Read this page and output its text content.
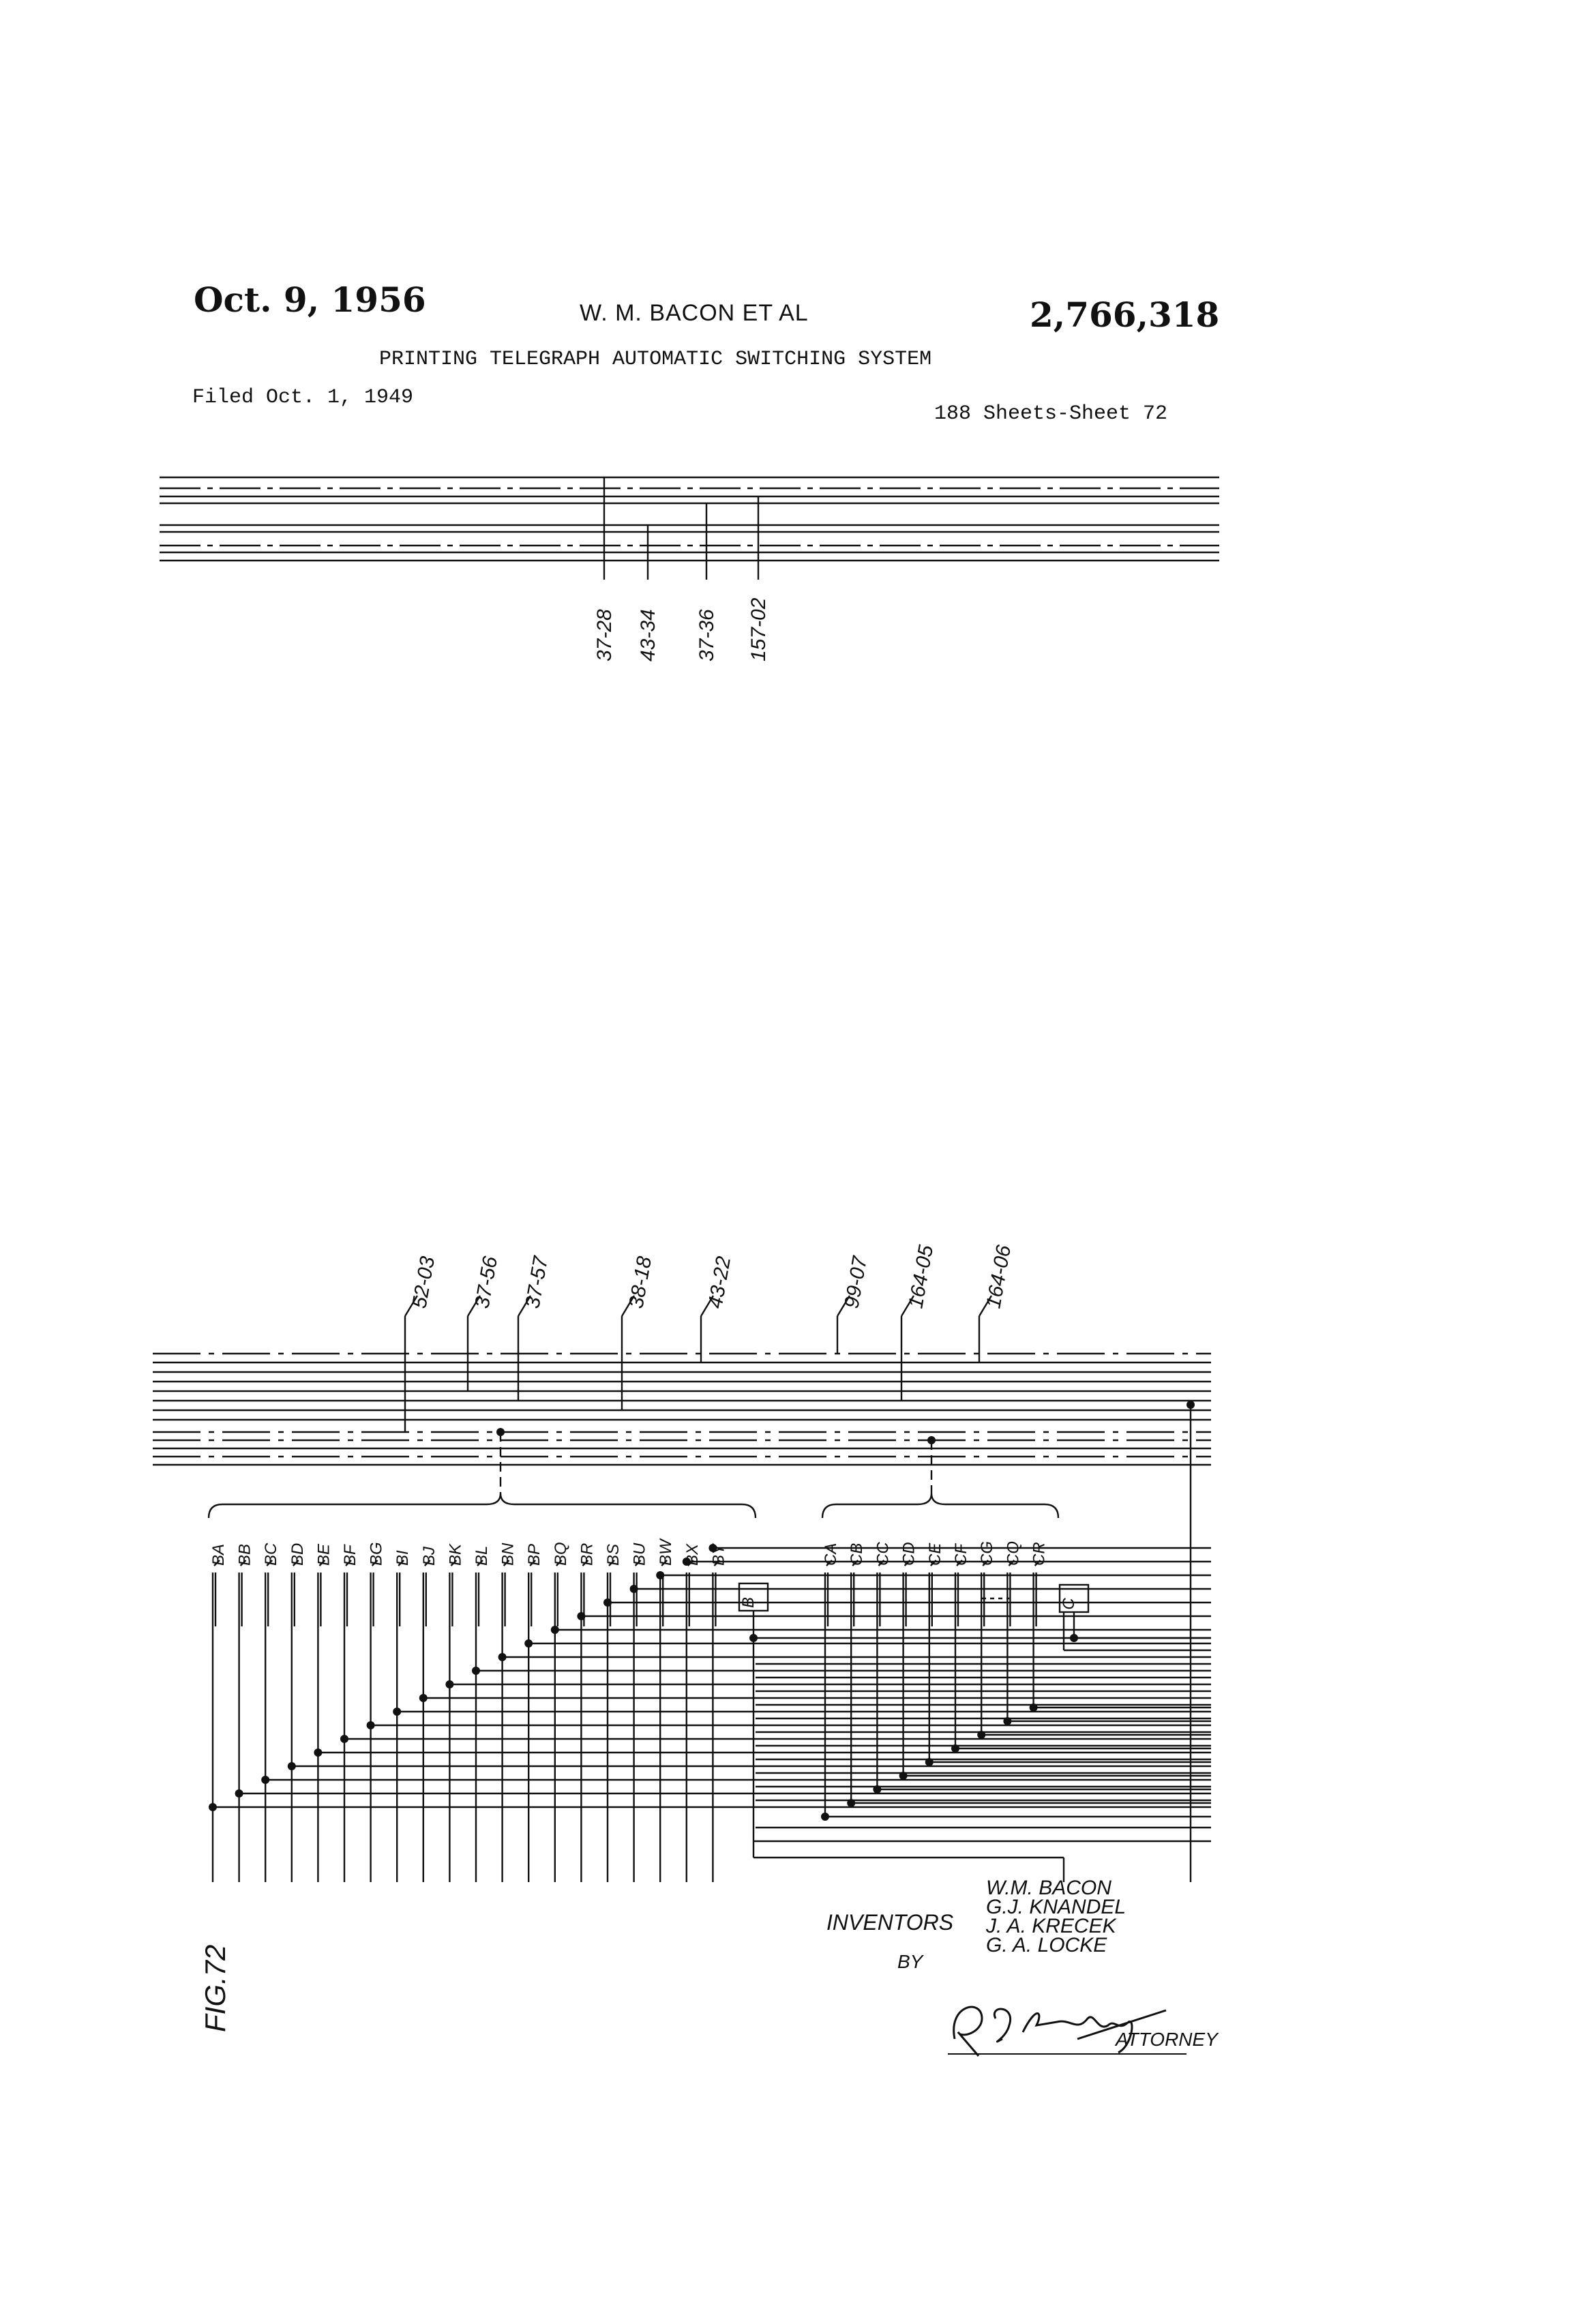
Oct. 9, 1956	W. M. BACON ET AL	2,766,318
PRINTING TELEGRAPH AUTOMATIC SWITCHING SYSTEM
Filed Oct. 1, 1949
188 Sheets-Sheet 72
37-28 43-34 37-36 157-02
52-03 37-56 37-57	38-18 43-22	99-07 164-05 164-06
BA BB BC BD BE BF BG BI BJ BK BL BN BP BQ BR BS BU BW BX BY
B
CA CB CC CD CE CF CG CQ CR
C
FIG.72
W.M. BACON
G.J. KNANDEL
J. A. KRECEK
G. A. LOCKE
INVENTORS
BY
ATTORNEY
R.C. Terry
